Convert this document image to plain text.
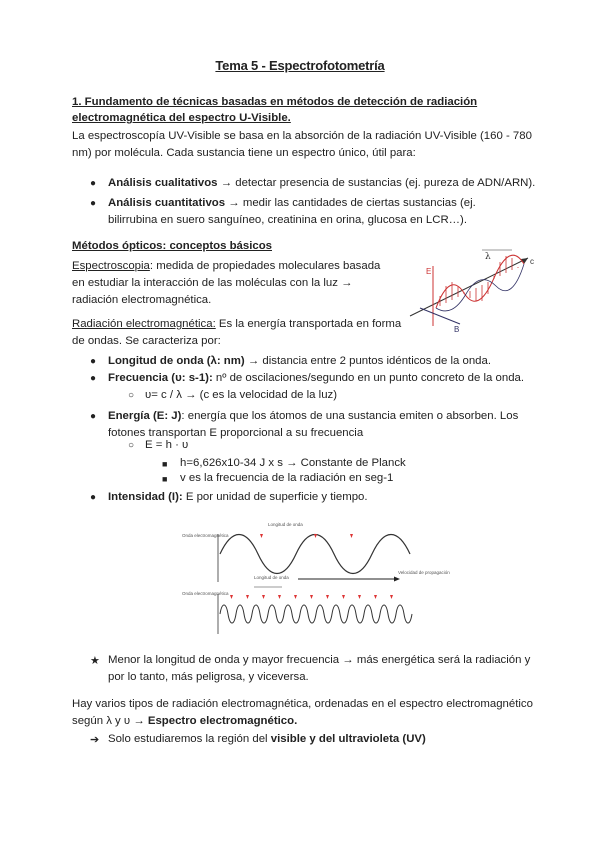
Tema 5 - Espectrofotometría
1. Fundamento de técnicas basadas en métodos de detección de radiación electromagnética del espectro U-Visible.
La espectroscopía UV-Visible se basa en la absorción de la radiación UV-Visible (160 - 780 nm) por molécula. Cada sustancia tiene un espectro único, útil para:
● Análisis cualitativos → detectar presencia de sustancias (ej. pureza de ADN/ARN).
● Análisis cuantitativos → medir las cantidades de ciertas sustancias (ej. bilirrubina en suero sanguíneo, creatinina en orina, glucosa en LCR…).
Métodos ópticos: conceptos básicos
Espectroscopia: medida de propiedades moleculares basada en estudiar la interacción de las moléculas con la luz → radiación electromagnética.
Radiación electromagnética: Es la energía transportada en forma de ondas. Se caracteriza por:
λ
E
B
c
● Longitud de onda (λ: nm) → distancia entre 2 puntos idénticos de la onda.
● Frecuencia (υ: s-1): nº de oscilaciones/segundo en un punto concreto de la onda.
○ υ= c / λ → (c es la velocidad de la luz)
● Energía (E: J): energía que los átomos de una sustancia emiten o absorben. Los fotones transportan E proporcional a su frecuencia
○ E = h · υ
■ h=6,626x10-34 J x s → Constante de Planck
■ v es la frecuencia de la radiación en seg-1
● Intensidad (I): E por unidad de superficie y tiempo.
Onda electromagnética
Longitud de onda
Longitud de onda
Velocidad de propagación
Onda electromagnética
★ Menor la longitud de onda y mayor frecuencia → más energética será la radiación y por lo tanto, más peligrosa, y viceversa.
Hay varios tipos de radiación electromagnética, ordenadas en el espectro electromagnético según λ y υ → Espectro electromagnético.
➔ Solo estudiaremos la región del visible y del ultravioleta (UV)
